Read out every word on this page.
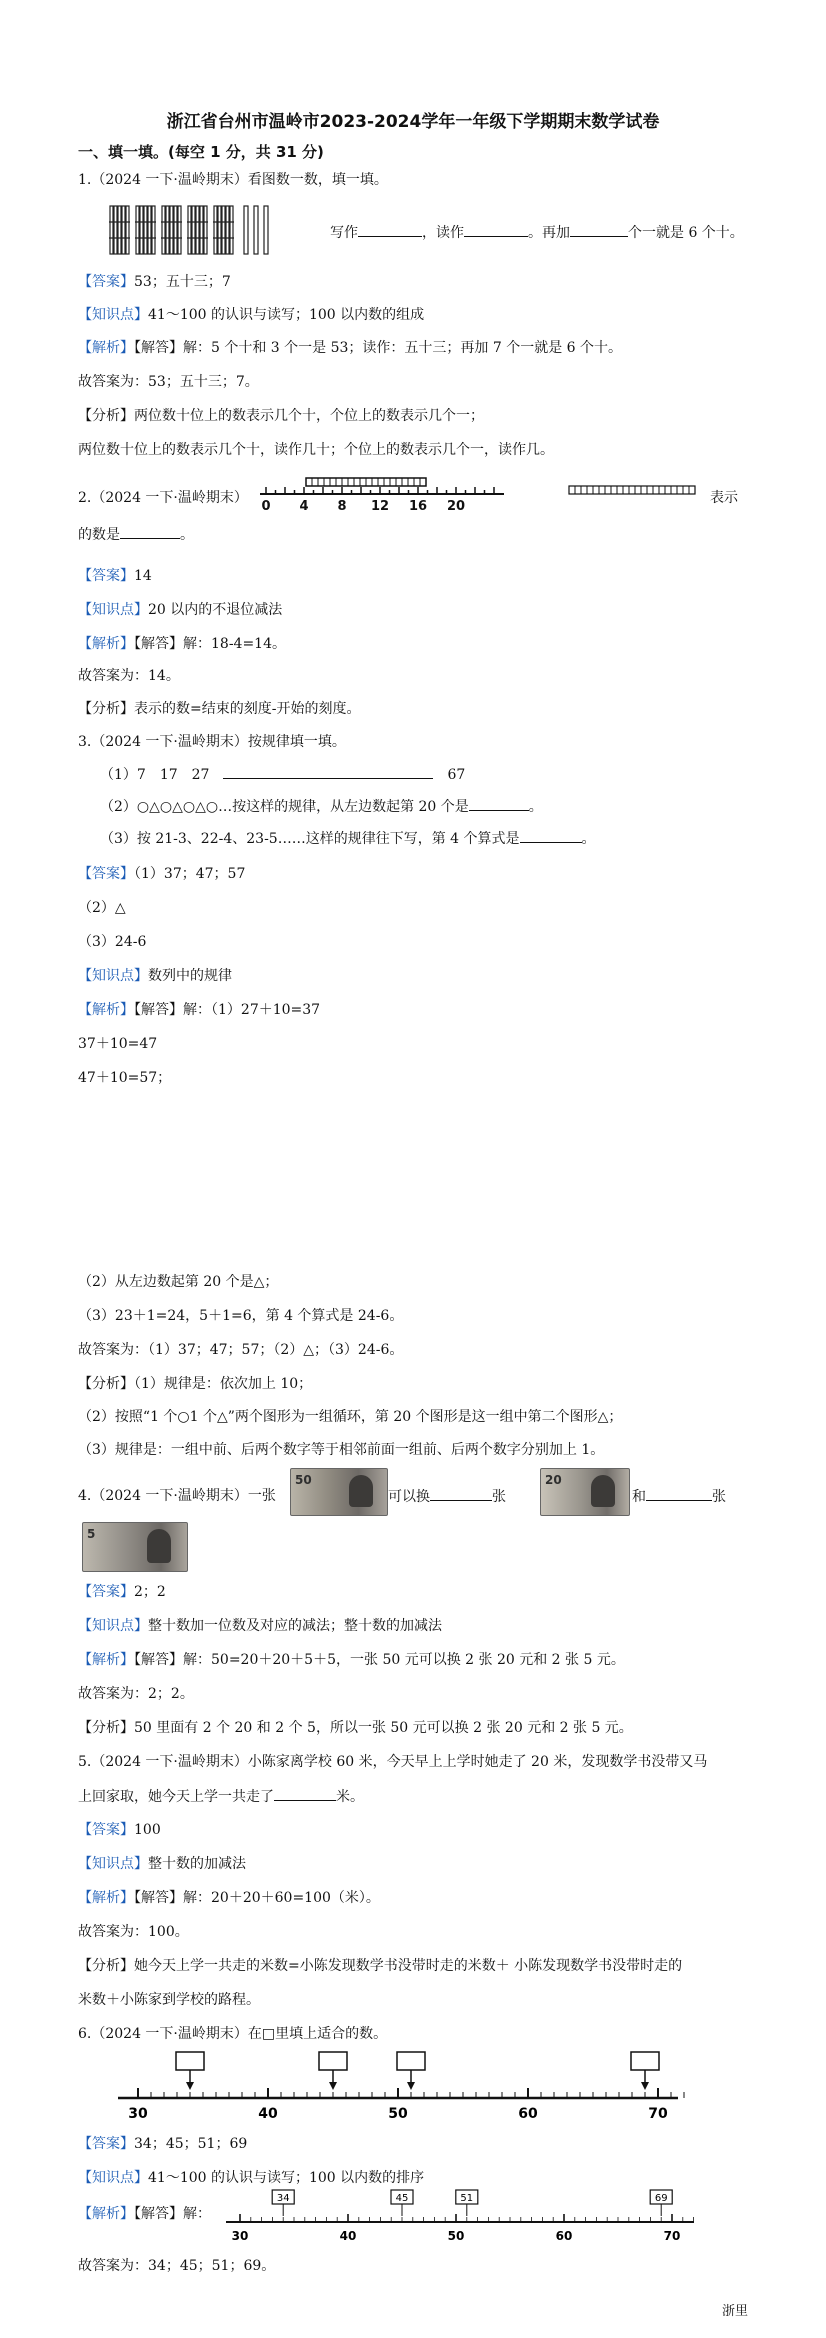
浙江省台州市温岭市2023-2024学年一年级下学期期末数学试卷
一、填一填。(每空 1 分，共 31 分)
1.（2024 一下·温岭期末）看图数一数，填一填。
写作	，读作	。再加	个一就是 6 个十。
【答案】53；五十三；7
【知识点】41～100 的认识与读写；100 以内数的组成
【解析】【解答】解：5 个十和 3 个一是 53；读作：五十三；再加 7 个一就是 6 个十。
故答案为：53；五十三；7。
【分析】两位数十位上的数表示几个十，个位上的数表示几个一；
两位数十位上的数表示几个十，读作几十；个位上的数表示几个一，读作几。
2.（2024 一下·温岭期末）
0 4 8 12 16 20
表示
的数是	。
【答案】14
【知识点】20 以内的不退位减法
【解析】【解答】解：18-4=14。
故答案为：14。
【分析】表示的数=结束的刻度-开始的刻度。
3.（2024 一下·温岭期末）按规律填一填。
（1）7　17　27　　	67
（2）○△○△○△○…按这样的规律，从左边数起第 20 个是	。
（3）按 21-3、22-4、23-5……这样的规律往下写，第 4 个算式是	。
【答案】（1）37；47；57
（2）△
（3）24-6
【知识点】数列中的规律
【解析】【解答】解：（1）27＋10=37
37＋10=47
47＋10=57；
（2）从左边数起第 20 个是△；
（3）23＋1=24，5＋1=6，第 4 个算式是 24-6。
故答案为：（1）37；47；57；（2）△；（3）24-6。
【分析】（1）规律是：依次加上 10；
（2）按照“1 个○1 个△”两个图形为一组循环，第 20 个图形是这一组中第二个图形△；
（3）规律是：一组中前、后两个数字等于相邻前面一组前、后两个数字分别加上 1。
4.（2024 一下·温岭期末）一张
50
可以换	张
20
和	张
5
【答案】2；2
【知识点】整十数加一位数及对应的减法；整十数的加减法
【解析】【解答】解：50=20＋20＋5＋5，一张 50 元可以换 2 张 20 元和 2 张 5 元。
故答案为：2；2。
【分析】50 里面有 2 个 20 和 2 个 5，所以一张 50 元可以换 2 张 20 元和 2 张 5 元。
5.（2024 一下·温岭期末）小陈家离学校 60 米，今天早上上学时她走了 20 米，发现数学书没带又马
上回家取，她今天上学一共走了	米。
【答案】100
【知识点】整十数的加减法
【解析】【解答】解：20＋20＋60=100（米）。
故答案为：100。
【分析】她今天上学一共走的米数=小陈发现数学书没带时走的米数＋ 小陈发现数学书没带时走的
米数＋小陈家到学校的路程。
6.（2024 一下·温岭期末）在□里填上适合的数。
30	40	50	60	70
【答案】34；45；51；69
【知识点】41～100 的认识与读写；100 以内数的排序
【解析】【解答】解：
30	40	50	60	70
34	45	51	69
故答案为：34；45；51；69。
浙里
